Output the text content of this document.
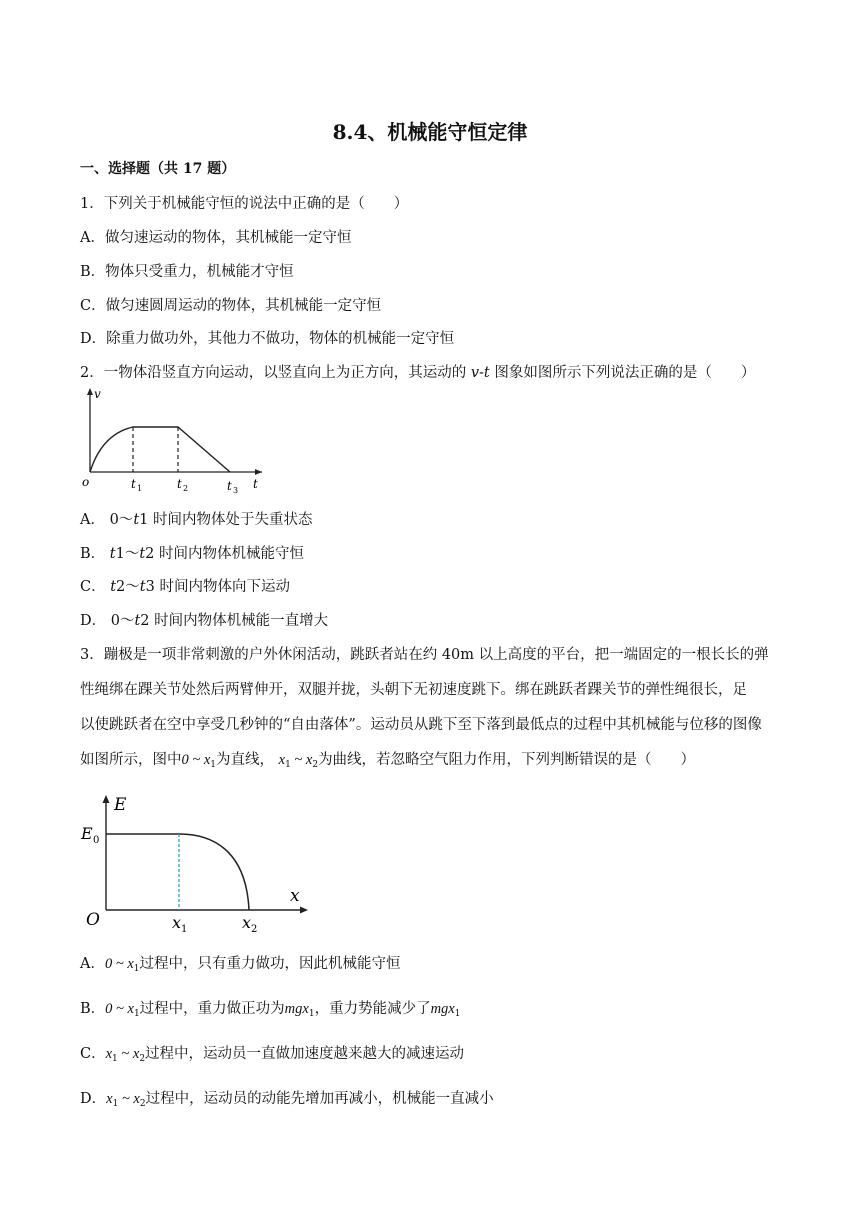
8.4、机械能守恒定律
一、选择题（共 17 题）
1．下列关于机械能守恒的说法中正确的是（　　）
A．做匀速运动的物体，其机械能一定守恒
B．物体只受重力，机械能才守恒
C．做匀速圆周运动的物体，其机械能一定守恒
D．除重力做功外，其他力不做功，物体的机械能一定守恒
2．一物体沿竖直方向运动，以竖直向上为正方向，其运动的 v-t 图象如图所示下列说法正确的是（　　）
v
o	t 1	t 2	t 3 t
A． 0～t1 时间内物体处于失重状态
B． t1～t2 时间内物体机械能守恒
C． t2～t3 时间内物体向下运动
D． 0～t2 时间内物体机械能一直增大
3．蹦极是一项非常刺激的户外休闲活动，跳跃者站在约 40m 以上高度的平台，把一端固定的一根长长的弹
性绳绑在踝关节处然后两臂伸开，双腿并拢，头朝下无初速度跳下。绑在跳跃者踝关节的弹性绳很长，足
以使跳跃者在空中享受几秒钟的“自由落体”。运动员从跳下至下落到最低点的过程中其机械能与位移的图像
如图所示，图中0 ~ $x_1$为直线， $x_1$ ~ $x_2$为曲线，若忽略空气阻力作用，下列判断错误的是（　　）
E
E 0
O
x
x 1	x 2
A．0 ~ $x_1$过程中，只有重力做功，因此机械能守恒
B．0 ~ $x_1$过程中，重力做正功为mgx$_1$，重力势能减少了mgx$_1$
C．$x_1$ ~ $x_2$过程中，运动员一直做加速度越来越大的减速运动
D．$x_1$ ~ $x_2$过程中，运动员的动能先增加再减小，机械能一直减小
